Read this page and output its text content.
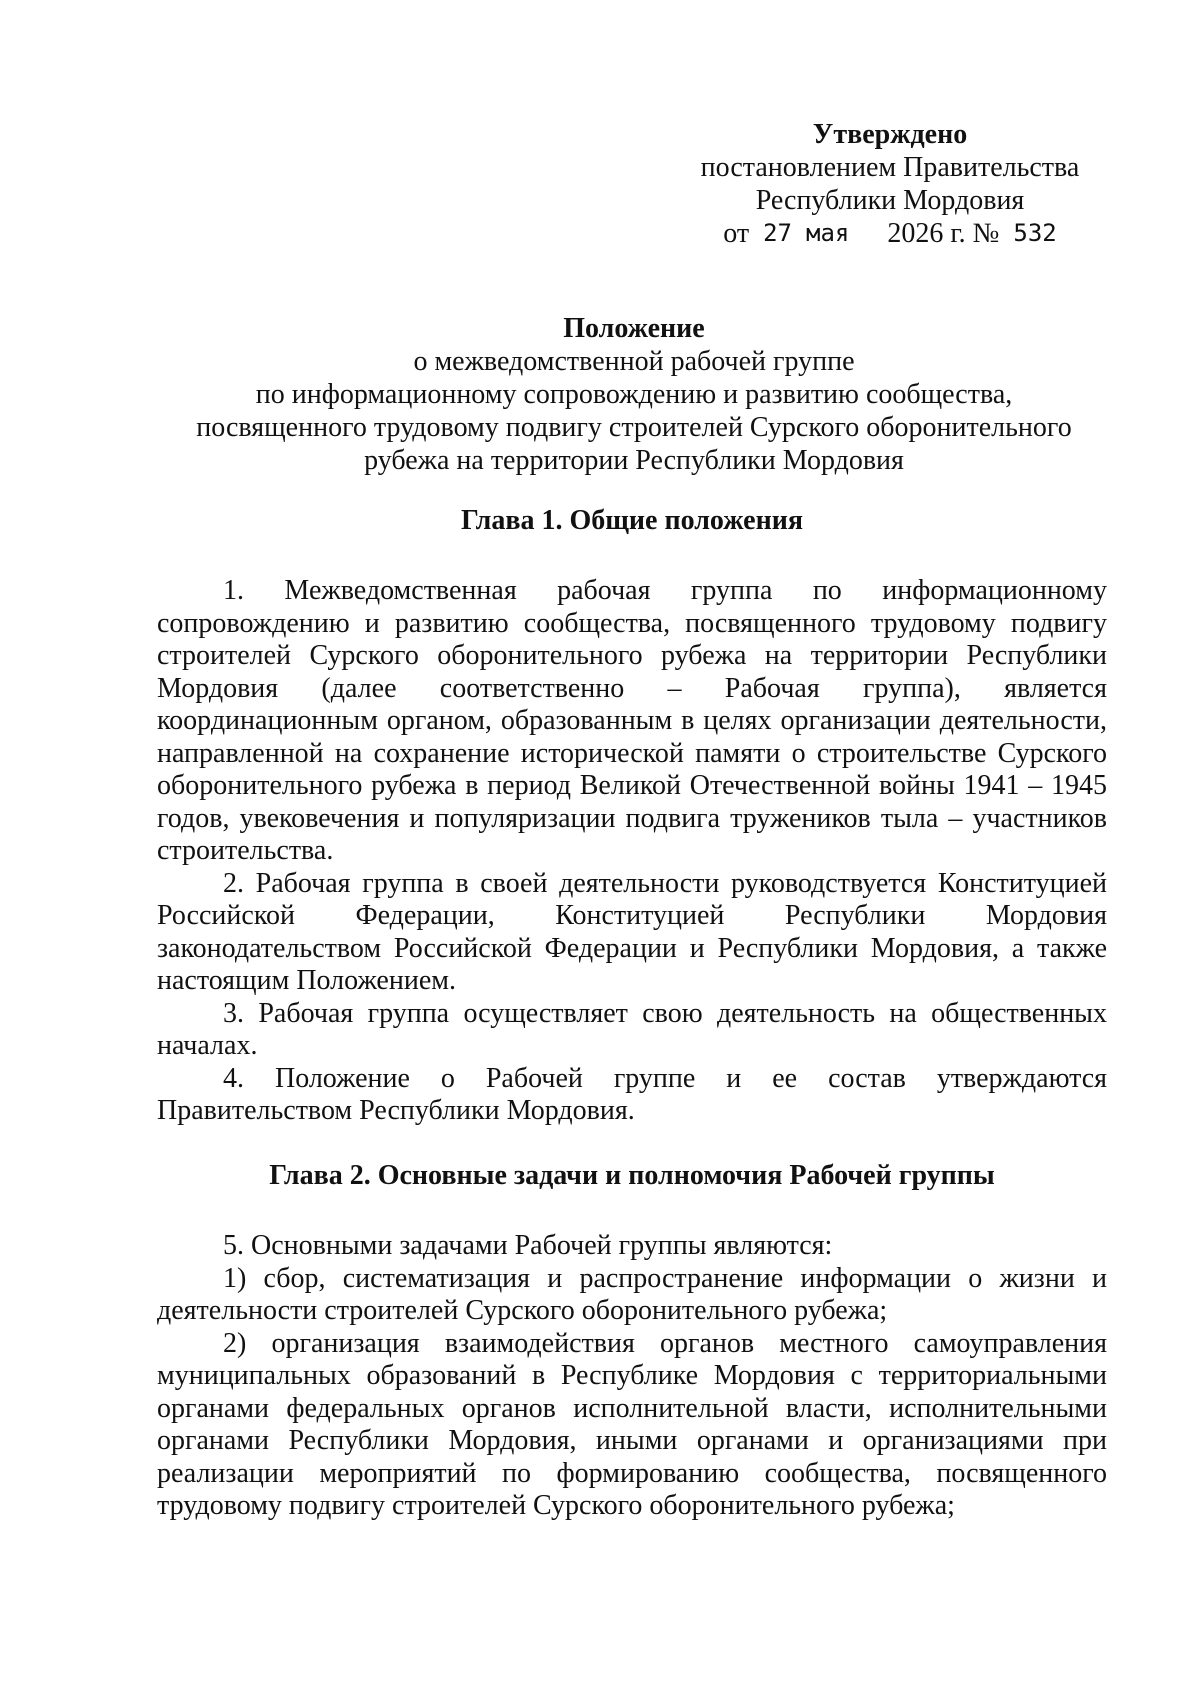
Утверждено
постановлением Правительства
Республики Мордовия
от 27 мая 2026 г. № 532
Положение
о межведомственной рабочей группе
по информационному сопровождению и развитию сообщества,
посвященного трудовому подвигу строителей Сурского оборонительного
рубежа на территории Республики Мордовия

Глава 1. Общие положения

1. Межведомственная рабочая группа по информационному сопровождению и развитию сообщества, посвященного трудовому подвигу строителей Сурского оборонительного рубежа на территории Республики Мордовия (далее соответственно – Рабочая группа), является координационным органом, образованным в целях организации деятельности, направленной на сохранение исторической памяти о строительстве Сурского оборонительного рубежа в период Великой Отечественной войны 1941 – 1945 годов, увековечения и популяризации подвига тружеников тыла – участников строительства.

2. Рабочая группа в своей деятельности руководствуется Конституцией Российской Федерации, Конституцией Республики Мордовия законодательством Российской Федерации и Республики Мордовия, а также настоящим Положением.

3. Рабочая группа осуществляет свою деятельность на общественных началах.

4. Положение о Рабочей группе и ее состав утверждаются Правительством Республики Мордовия.

Глава 2. Основные задачи и полномочия Рабочей группы

5. Основными задачами Рабочей группы являются:

1) сбор, систематизация и распространение информации о жизни и деятельности строителей Сурского оборонительного рубежа;

2) организация взаимодействия органов местного самоуправления муниципальных образований в Республике Мордовия с территориальными органами федеральных органов исполнительной власти, исполнительными органами Республики Мордовия, иными органами и организациями при реализации мероприятий по формированию сообщества, посвященного трудовому подвигу строителей Сурского оборонительного рубежа;
